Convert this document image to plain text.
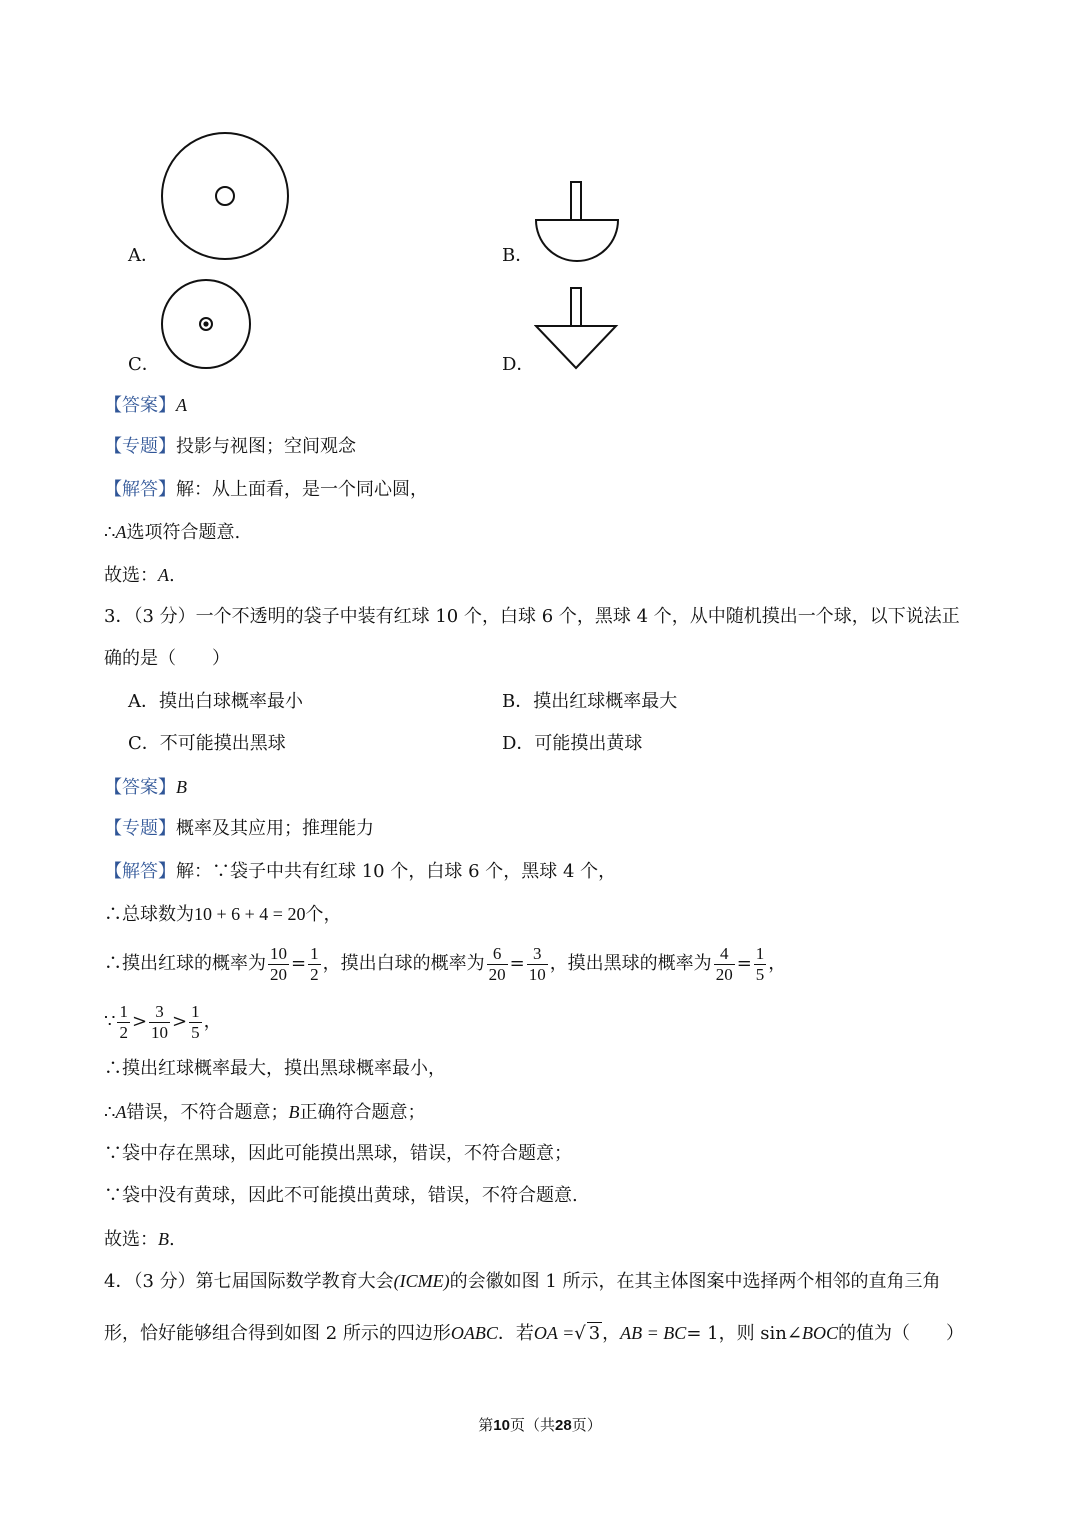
A．	B．
C．	D．
【答案】A
【专题】投影与视图；空间观念
【解答】解：从上面看，是一个同心圆，
∴A选项符合题意.
故选：A.
3．（3 分）一个不透明的袋子中装有红球 10 个，白球 6 个，黑球 4 个，从中随机摸出一个球，以下说法正
确的是（　　）
A．摸出白球概率最小	B．摸出红球概率最大
C．不可能摸出黑球	D．可能摸出黄球
【答案】B
【专题】概率及其应用；推理能力
【解答】解：∵袋子中共有红球 10 个，白球 6 个，黑球 4 个，
∴总球数为10 + 6 + 4 = 20个，
∴摸出红球的概率为 $\frac{10}{20} = \frac{1}{2}$ ，摸出白球的概率为 $\frac{6}{20} = \frac{3}{10}$ ，摸出黑球的概率为 $\frac{4}{20} = \frac{1}{5}$ ，
∵ $\frac{1}{2} > \frac{3}{10} > \frac{1}{5}$ ，
∴摸出红球概率最大，摸出黑球概率最小，
∴A错误，不符合题意；B正确符合题意；
∵袋中存在黑球，因此可能摸出黑球，错误，不符合题意；
∵袋中没有黄球，因此不可能摸出黄球，错误，不符合题意.
故选：B.
4．（3 分）第七届国际数学教育大会(ICME)的会徽如图 1 所示，在其主体图案中选择两个相邻的直角三角
形，恰好能够组合得到如图 2 所示的四边形OABC．若OA =√ 3 ，AB = BC= 1，则 sin∠BOC的值为（　　）
第10页（共28页）
